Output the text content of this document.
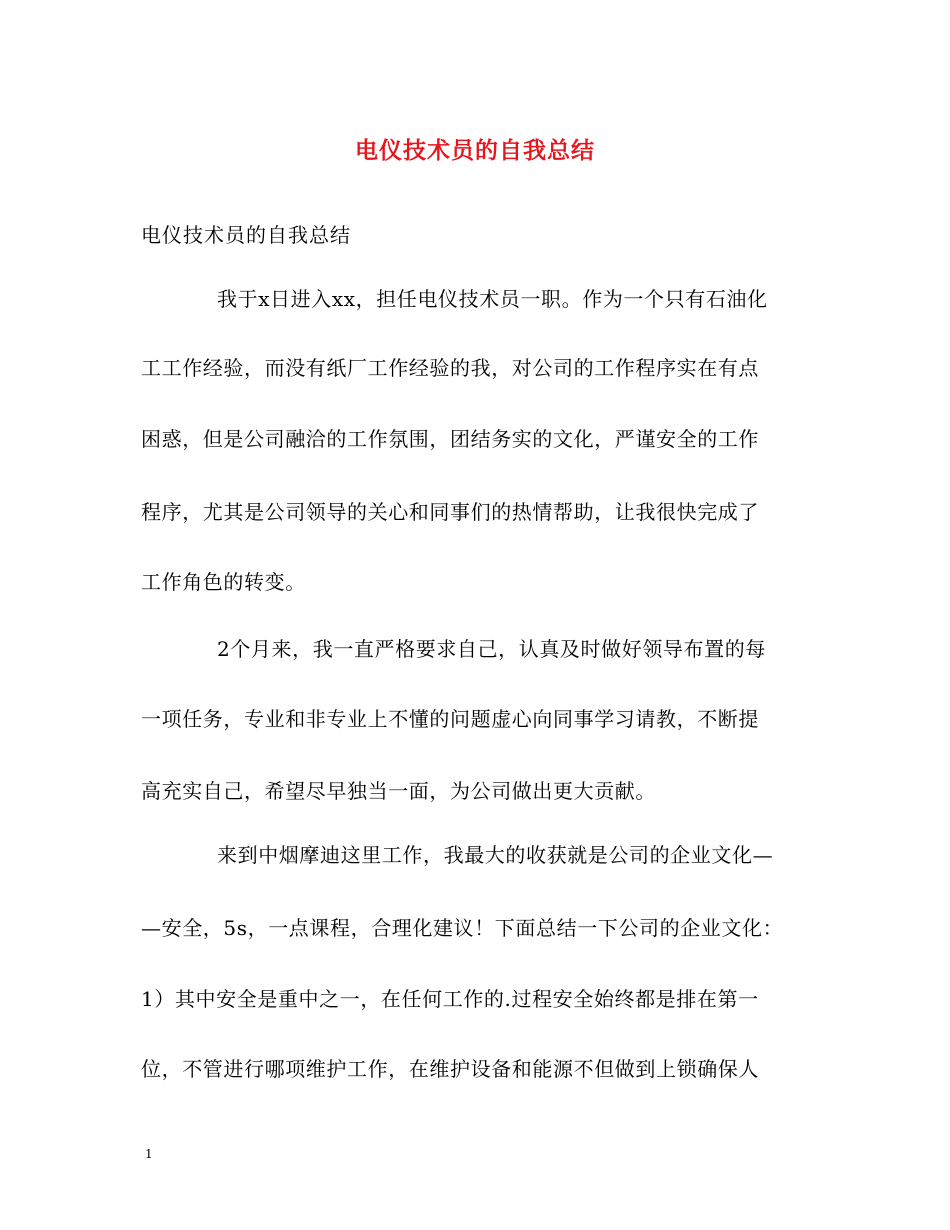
电仪技术员的自我总结
电仪技术员的自我总结
我于x日进入xx，担任电仪技术员一职。作为一个只有石油化
工工作经验，而没有纸厂工作经验的我，对公司的工作程序实在有点
困惑，但是公司融洽的工作氛围，团结务实的文化，严谨安全的工作
程序，尤其是公司领导的关心和同事们的热情帮助，让我很快完成了
工作角色的转变。
2个月来，我一直严格要求自己，认真及时做好领导布置的每
一项任务，专业和非专业上不懂的问题虚心向同事学习请教，不断提
高充实自己，希望尽早独当一面，为公司做出更大贡献。
来到中烟摩迪这里工作，我最大的收获就是公司的企业文化—
—安全，5s，一点课程，合理化建议！下面总结一下公司的企业文化：
1）其中安全是重中之一，在任何工作的.过程安全始终都是排在第一
位，不管进行哪项维护工作，在维护设备和能源不但做到上锁确保人
1
